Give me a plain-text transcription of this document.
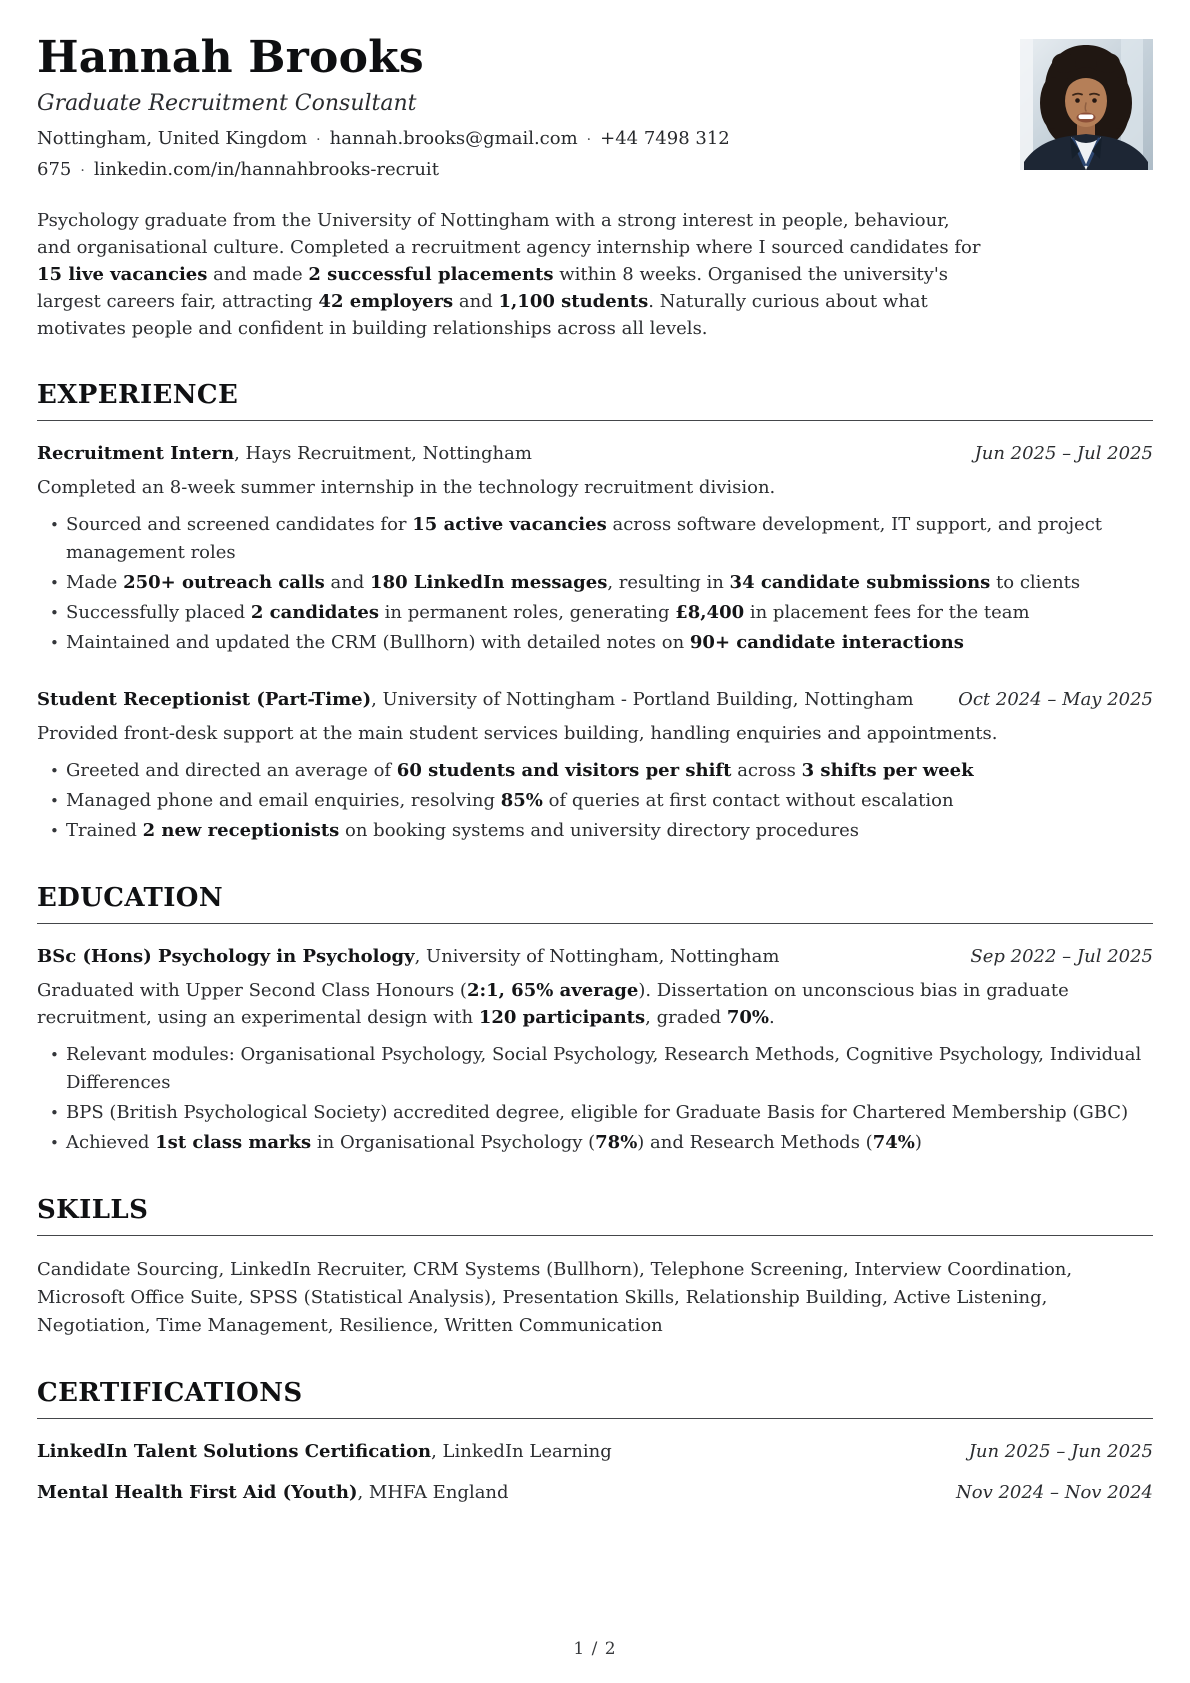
Hannah Brooks
Graduate Recruitment Consultant
Nottingham, United Kingdom · hannah.brooks@gmail.com · +44 7498 312 675 · linkedin.com/in/hannahbrooks-recruit

Psychology graduate from the University of Nottingham with a strong interest in people, behaviour, and organisational culture. Completed a recruitment agency internship where I sourced candidates for 15 live vacancies and made 2 successful placements within 8 weeks. Organised the university's largest careers fair, attracting 42 employers and 1,100 students. Naturally curious about what motivates people and confident in building relationships across all levels.

EXPERIENCE
Recruitment Intern, Hays Recruitment, Nottingham	Jun 2025 – Jul 2025

Completed an 8-week summer internship in the technology recruitment division.

• Sourced and screened candidates for 15 active vacancies across software development, IT support, and project management roles
• Made 250+ outreach calls and 180 LinkedIn messages, resulting in 34 candidate submissions to clients
• Successfully placed 2 candidates in permanent roles, generating £8,400 in placement fees for the team
• Maintained and updated the CRM (Bullhorn) with detailed notes on 90+ candidate interactions
Student Receptionist (Part-Time), University of Nottingham - Portland Building, Nottingham Oct 2024 – May 2025

Provided front-desk support at the main student services building, handling enquiries and appointments.

• Greeted and directed an average of 60 students and visitors per shift across 3 shifts per week
• Managed phone and email enquiries, resolving 85% of queries at first contact without escalation
• Trained 2 new receptionists on booking systems and university directory procedures
EDUCATION
BSc (Hons) Psychology in Psychology, University of Nottingham, Nottingham	Sep 2022 – Jul 2025

Graduated with Upper Second Class Honours (2:1, 65% average). Dissertation on unconscious bias in graduate recruitment, using an experimental design with 120 participants, graded 70%.

• Relevant modules: Organisational Psychology, Social Psychology, Research Methods, Cognitive Psychology, Individual Differences
• BPS (British Psychological Society) accredited degree, eligible for Graduate Basis for Chartered Membership (GBC)
• Achieved 1st class marks in Organisational Psychology (78%) and Research Methods (74%)
SKILLS

Candidate Sourcing, LinkedIn Recruiter, CRM Systems (Bullhorn), Telephone Screening, Interview Coordination, Microsoft Office Suite, SPSS (Statistical Analysis), Presentation Skills, Relationship Building, Active Listening, Negotiation, Time Management, Resilience, Written Communication

CERTIFICATIONS
LinkedIn Talent Solutions Certification, LinkedIn Learning	Jun 2025 – Jun 2025
Mental Health First Aid (Youth), MHFA England	Nov 2024 – Nov 2024
1 / 2
